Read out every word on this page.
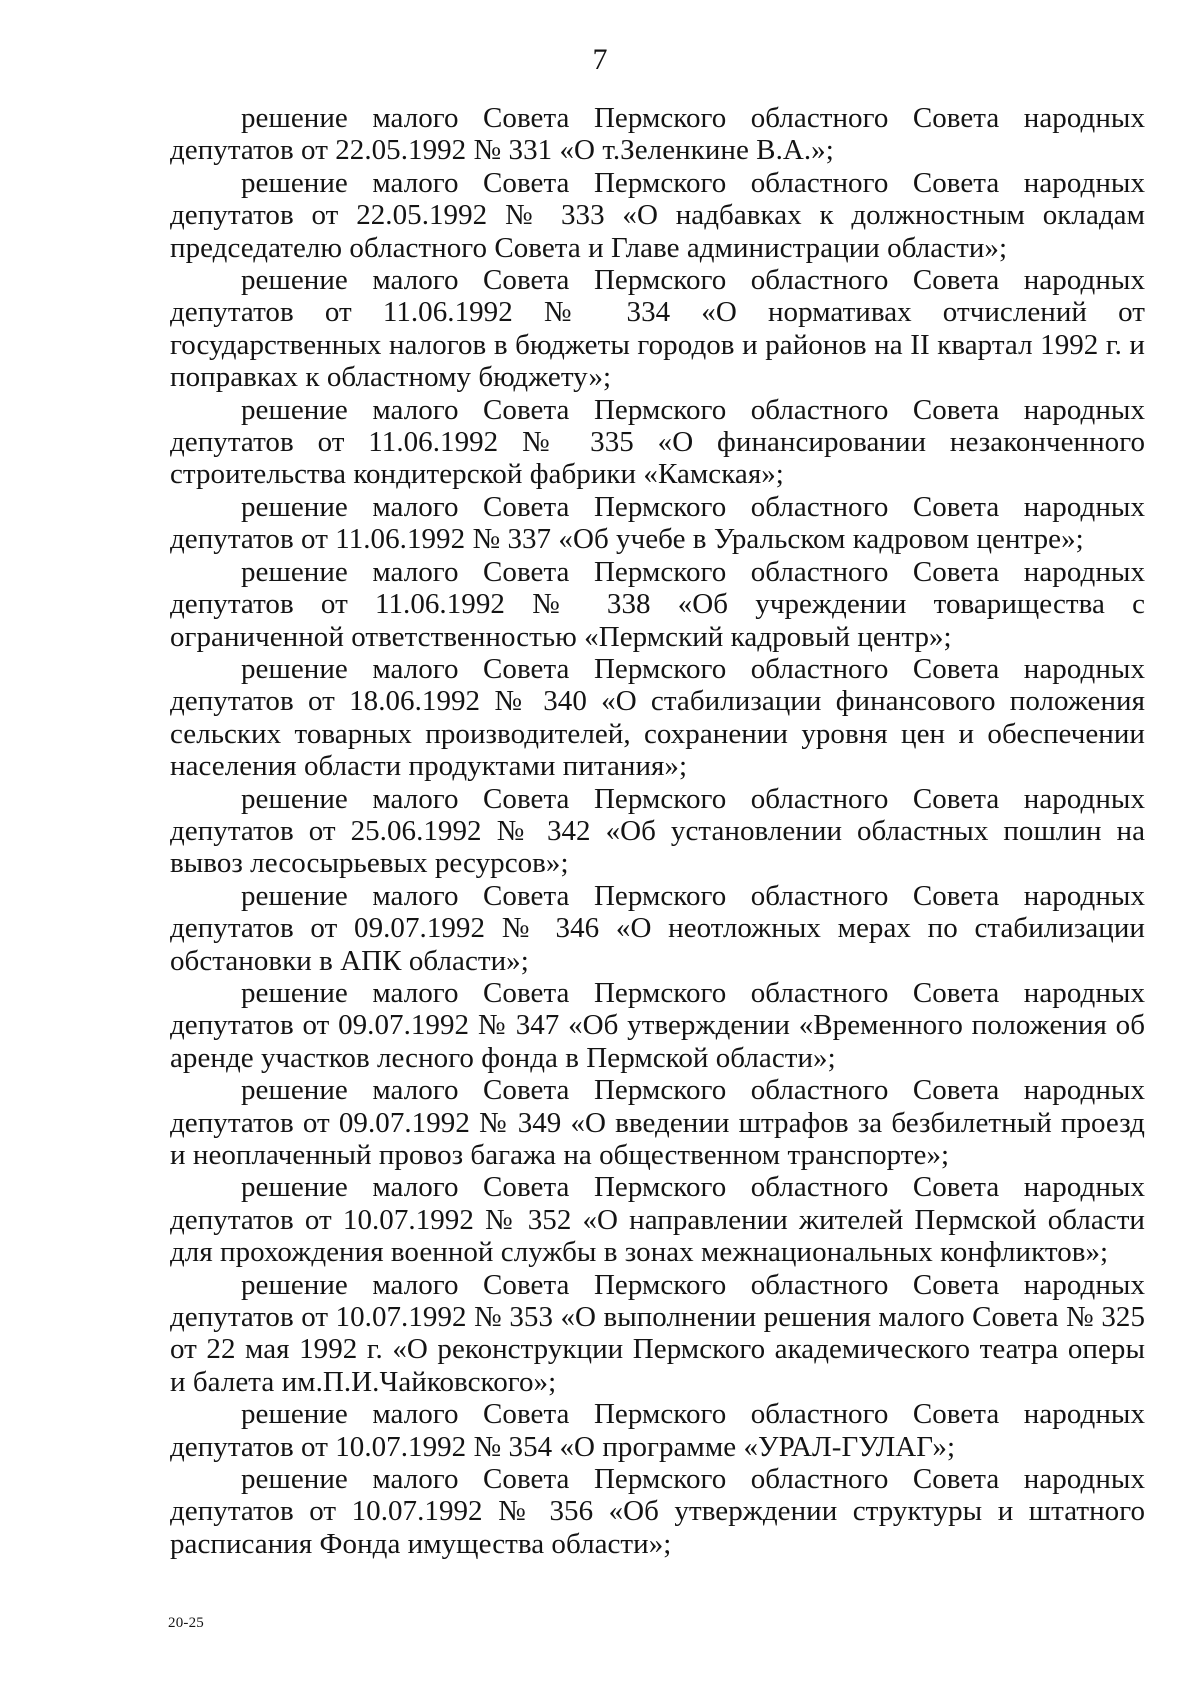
7

решение малого Совета Пермского областного Совета народных депутатов от 22.05.1992 № 331 «О т.Зеленкине В.А.»;

решение малого Совета Пермского областного Совета народных депутатов от 22.05.1992 № 333 «О надбавках к должностным окладам председателю областного Совета и Главе администрации области»;

решение малого Совета Пермского областного Совета народных депутатов от 11.06.1992 № 334 «О нормативах отчислений от государственных налогов в бюджеты городов и районов на II квартал 1992 г. и поправках к областному бюджету»;

решение малого Совета Пермского областного Совета народных депутатов от 11.06.1992 № 335 «О финансировании незаконченного строительства кондитерской фабрики «Камская»;

решение малого Совета Пермского областного Совета народных депутатов от 11.06.1992 № 337 «Об учебе в Уральском кадровом центре»;

решение малого Совета Пермского областного Совета народных депутатов от 11.06.1992 № 338 «Об учреждении товарищества с ограниченной ответственностью «Пермский кадровый центр»;

решение малого Совета Пермского областного Совета народных депутатов от 18.06.1992 № 340 «О стабилизации финансового положения сельских товарных производителей, сохранении уровня цен и обеспечении населения области продуктами питания»;

решение малого Совета Пермского областного Совета народных депутатов от 25.06.1992 № 342 «Об установлении областных пошлин на вывоз лесосырьевых ресурсов»;

решение малого Совета Пермского областного Совета народных депутатов от 09.07.1992 № 346 «О неотложных мерах по стабилизации обстановки в АПК области»;

решение малого Совета Пермского областного Совета народных депутатов от 09.07.1992 № 347 «Об утверждении «Временного положения об аренде участков лесного фонда в Пермской области»;

решение малого Совета Пермского областного Совета народных депутатов от 09.07.1992 № 349 «О введении штрафов за безбилетный проезд и неоплаченный провоз багажа на общественном транспорте»;

решение малого Совета Пермского областного Совета народных депутатов от 10.07.1992 № 352 «О направлении жителей Пермской области для прохождения военной службы в зонах межнациональных конфликтов»;

решение малого Совета Пермского областного Совета народных депутатов от 10.07.1992 № 353 «О выполнении решения малого Совета № 325 от 22 мая 1992 г. «О реконструкции Пермского академического театра оперы и балета им.П.И.Чайковского»;

решение малого Совета Пермского областного Совета народных депутатов от 10.07.1992 № 354 «О программе «УРАЛ-ГУЛАГ»;

решение малого Совета Пермского областного Совета народных депутатов от 10.07.1992 № 356 «Об утверждении структуры и штатного расписания Фонда имущества области»;

20-25
